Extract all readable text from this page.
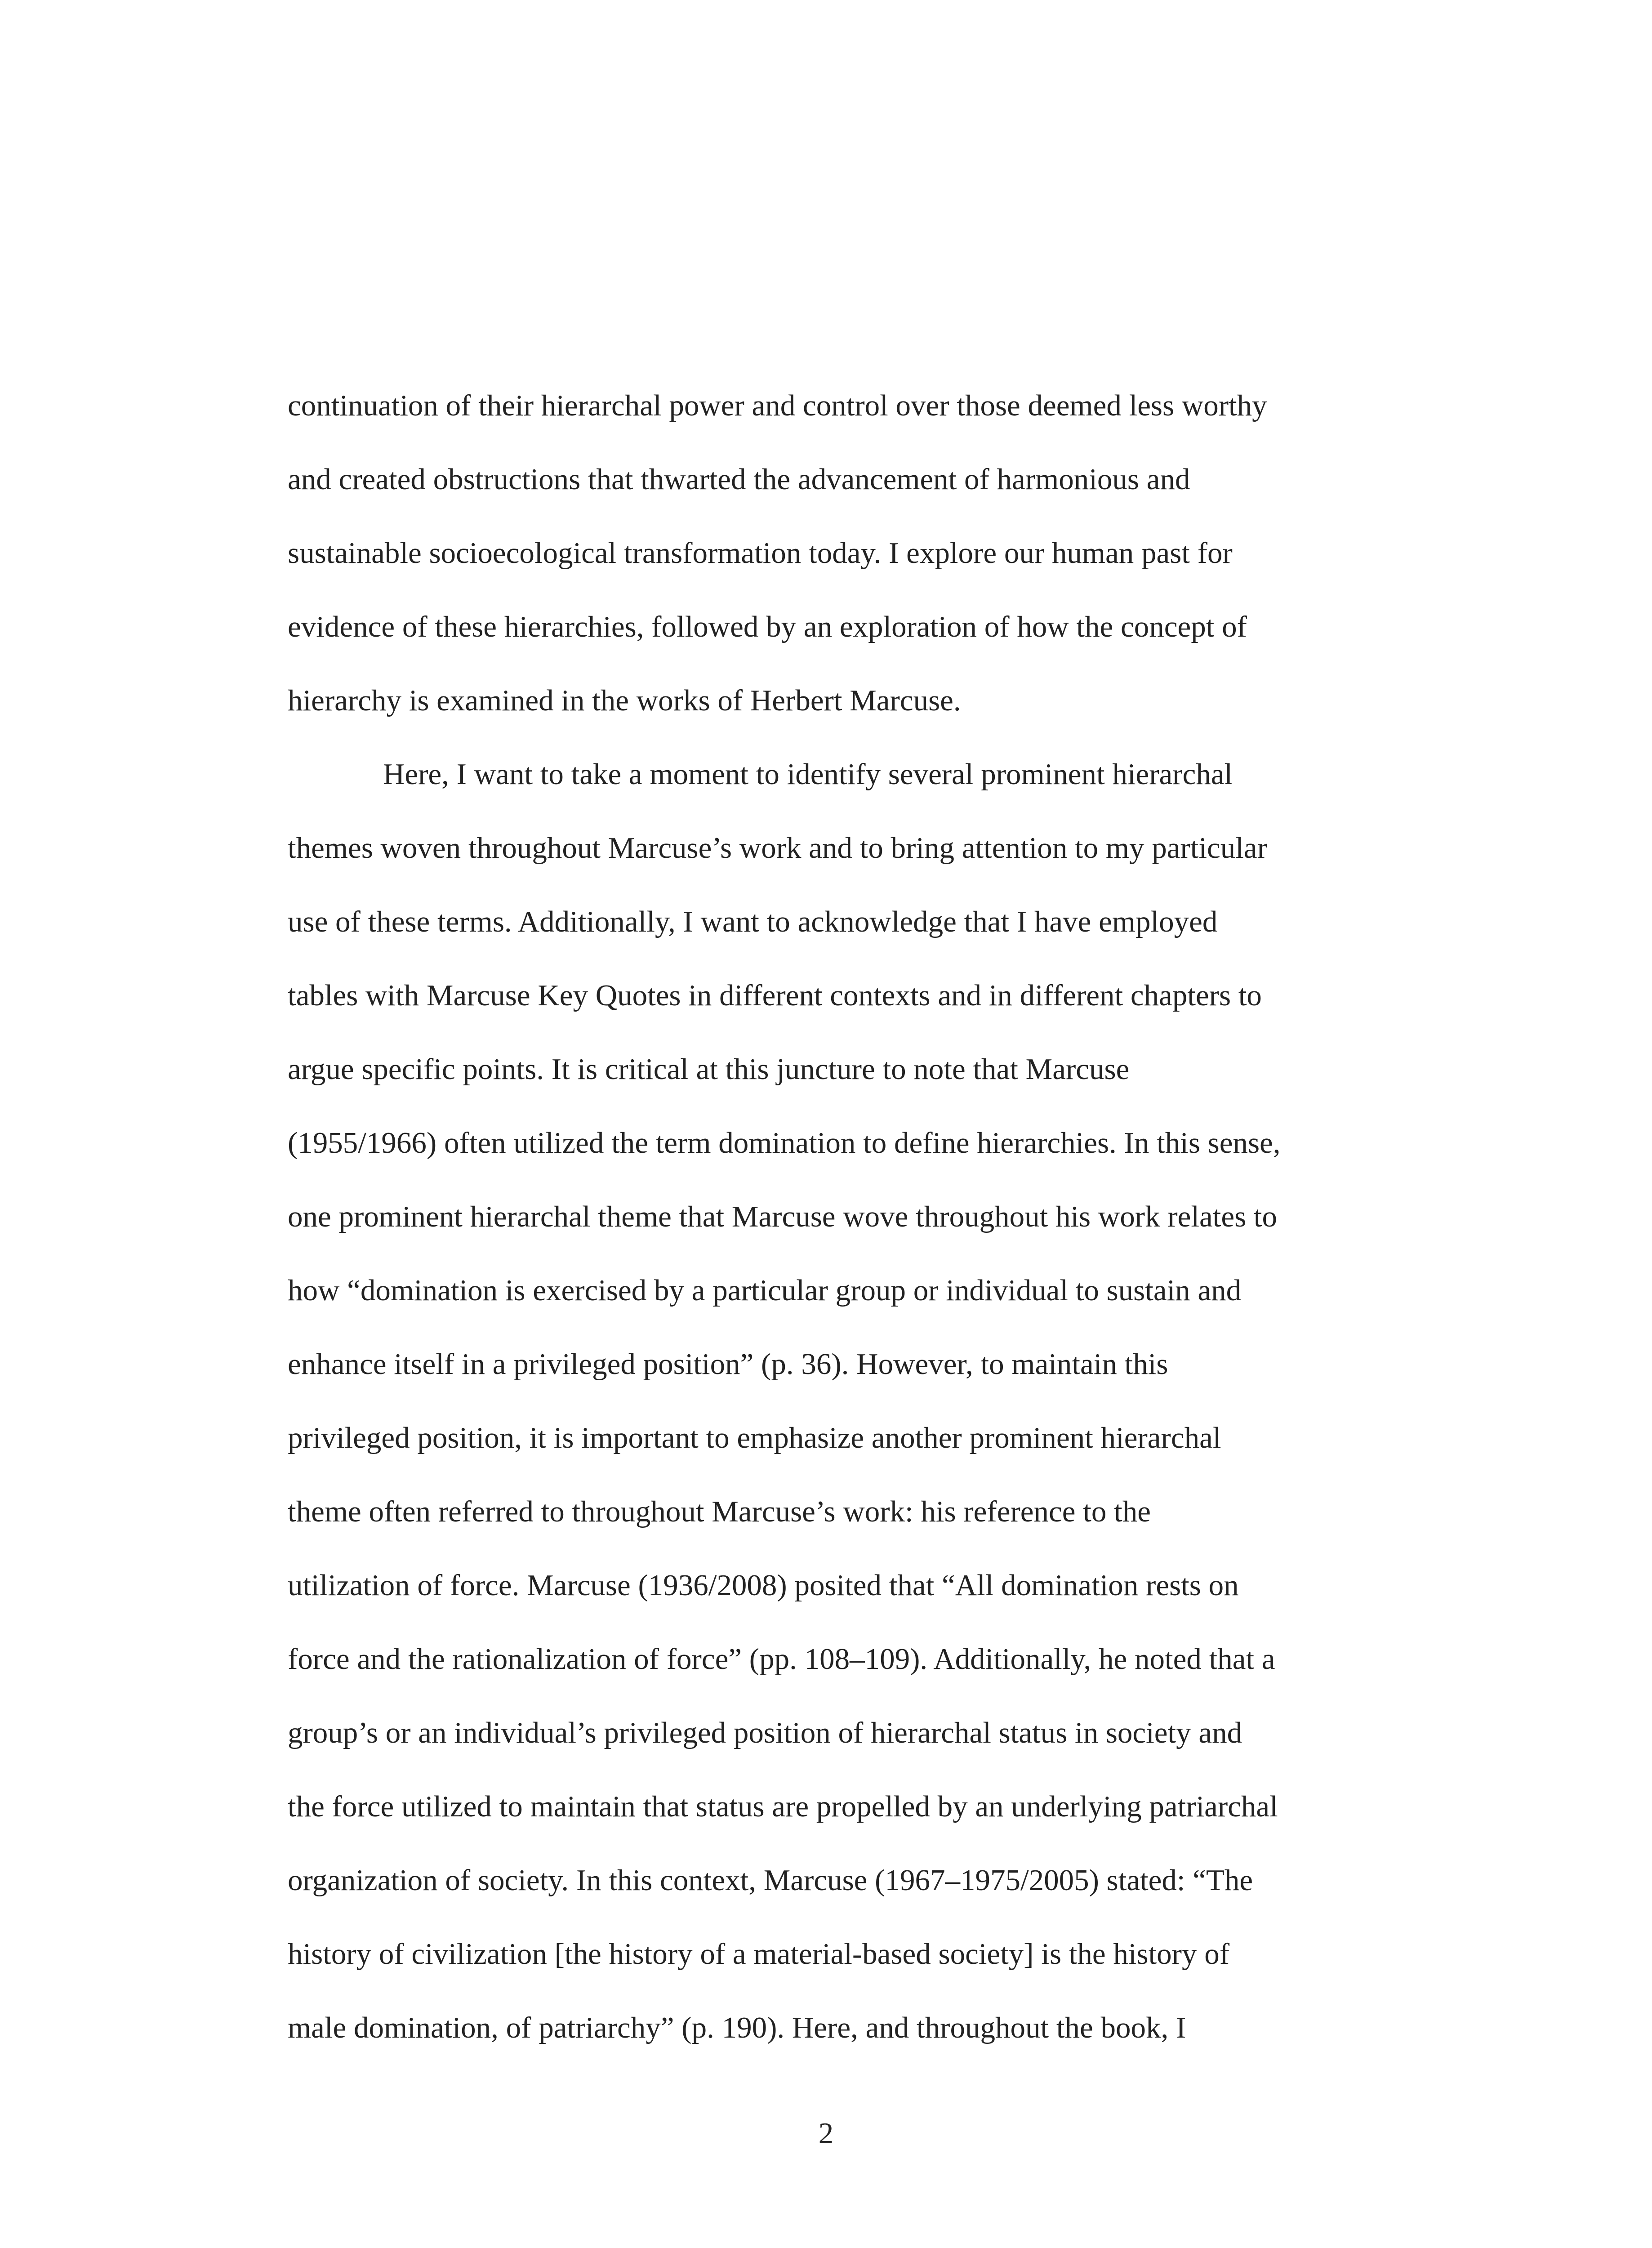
continuation of their hierarchal power and control over those deemed less worthy
and created obstructions that thwarted the advancement of harmonious and
sustainable socioecological transformation today. I explore our human past for
evidence of these hierarchies, followed by an exploration of how the concept of
hierarchy is examined in the works of Herbert Marcuse.
Here, I want to take a moment to identify several prominent hierarchal
themes woven throughout Marcuse’s work and to bring attention to my particular
use of these terms. Additionally, I want to acknowledge that I have employed
tables with Marcuse Key Quotes in different contexts and in different chapters to
argue specific points. It is critical at this juncture to note that Marcuse
(1955/1966) often utilized the term domination to define hierarchies. In this sense,
one prominent hierarchal theme that Marcuse wove throughout his work relates to
how “domination is exercised by a particular group or individual to sustain and
enhance itself in a privileged position” (p. 36). However, to maintain this
privileged position, it is important to emphasize another prominent hierarchal
theme often referred to throughout Marcuse’s work: his reference to the
utilization of force. Marcuse (1936/2008) posited that “All domination rests on
force and the rationalization of force” (pp. 108–109). Additionally, he noted that a
group’s or an individual’s privileged position of hierarchal status in society and
the force utilized to maintain that status are propelled by an underlying patriarchal
organization of society. In this context, Marcuse (1967–1975/2005) stated: “The
history of civilization [the history of a material-based society] is the history of
male domination, of patriarchy” (p. 190). Here, and throughout the book, I
2
